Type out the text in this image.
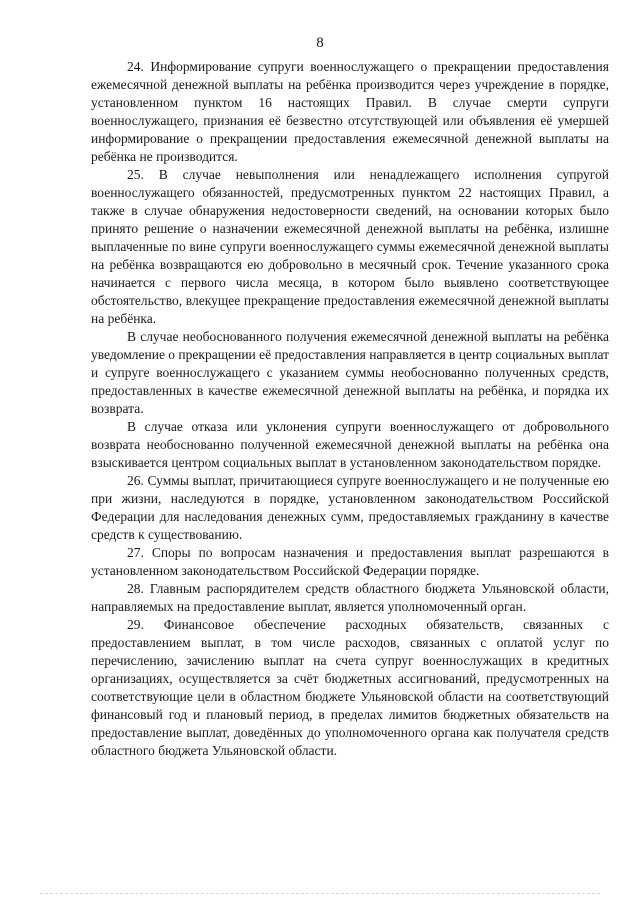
8

24. Информирование супруги военнослужащего о прекращении предоставления ежемесячной денежной выплаты на ребёнка производится через учреждение в порядке, установленном пунктом 16 настоящих Правил. В случае смерти супруги военнослужащего, признания её безвестно отсутствующей или объявления её умершей информирование о прекращении предоставления ежемесячной денежной выплаты на ребёнка не производится.

25. В случае невыполнения или ненадлежащего исполнения супругой военнослужащего обязанностей, предусмотренных пунктом 22 настоящих Правил, а также в случае обнаружения недостоверности сведений, на основании которых было принято решение о назначении ежемесячной денежной выплаты на ребёнка, излишне выплаченные по вине супруги военнослужащего суммы ежемесячной денежной выплаты на ребёнка возвращаются ею добровольно в месячный срок. Течение указанного срока начинается с первого числа месяца, в котором было выявлено соответствующее обстоятельство, влекущее прекращение предоставления ежемесячной денежной выплаты на ребёнка.

В случае необоснованного получения ежемесячной денежной выплаты на ребёнка уведомление о прекращении её предоставления направляется в центр социальных выплат и супруге военнослужащего с указанием суммы необоснованно полученных средств, предоставленных в качестве ежемесячной денежной выплаты на ребёнка, и порядка их возврата.

В случае отказа или уклонения супруги военнослужащего от добровольного возврата необоснованно полученной ежемесячной денежной выплаты на ребёнка она взыскивается центром социальных выплат в установленном законодательством порядке.

26. Суммы выплат, причитающиеся супруге военнослужащего и не полученные ею при жизни, наследуются в порядке, установленном законодательством Российской Федерации для наследования денежных сумм, предоставляемых гражданину в качестве средств к существованию.

27. Споры по вопросам назначения и предоставления выплат разрешаются в установленном законодательством Российской Федерации порядке.

28. Главным распорядителем средств областного бюджета Ульяновской области, направляемых на предоставление выплат, является уполномоченный орган.

29. Финансовое обеспечение расходных обязательств, связанных с предоставлением выплат, в том числе расходов, связанных с оплатой услуг по перечислению, зачислению выплат на счета супруг военнослужащих в кредитных организациях, осуществляется за счёт бюджетных ассигнований, предусмотренных на соответствующие цели в областном бюджете Ульяновской области на соответствующий финансовый год и плановый период, в пределах лимитов бюджетных обязательств на предоставление выплат, доведённых до уполномоченного органа как получателя средств областного бюджета Ульяновской области.
